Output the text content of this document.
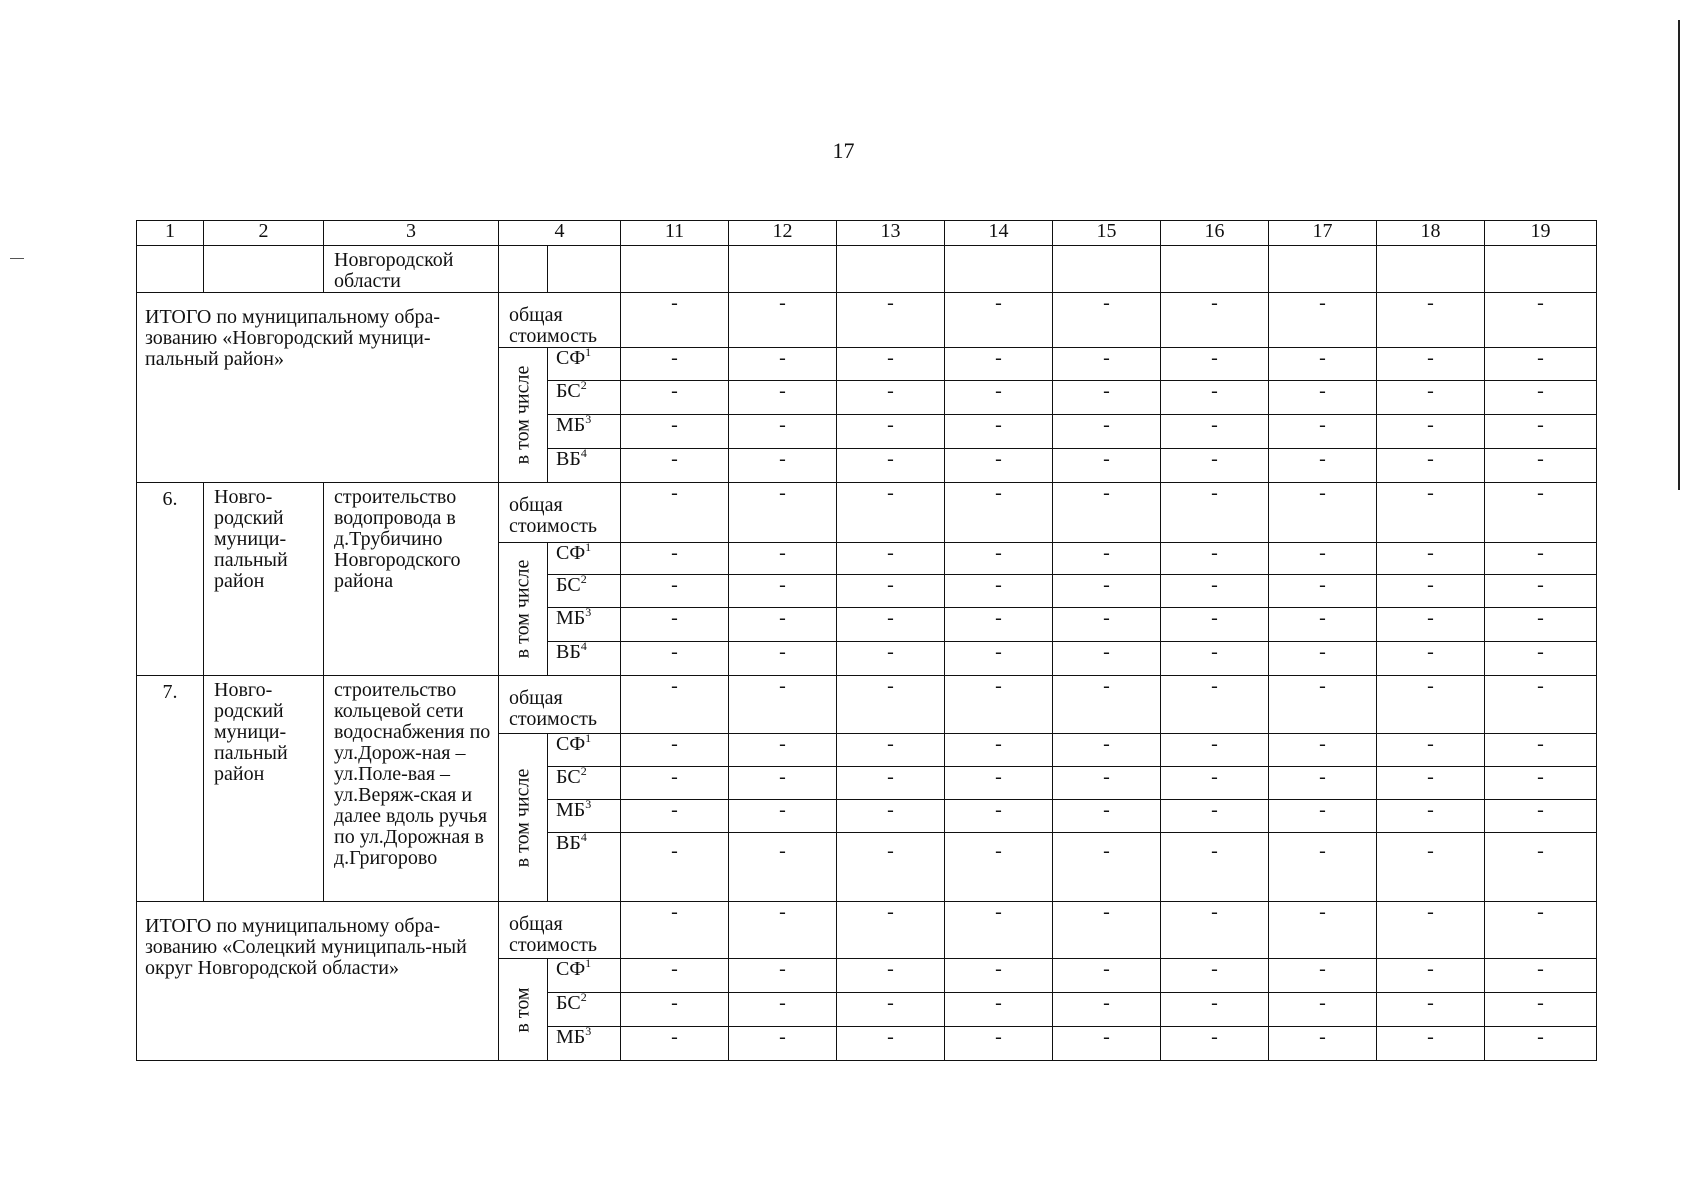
17
1	2	3	4		11	12	13	14	15	16	17	18	19
		Новгородской области											
ИТОГО по муниципальному обра-зованию «Новгородский муници-пальный район»			общая стоимость		-	-	-	-	-	-	-	-	-

			в том числе	$СФ^1$	-	-	-	-	-	-	-	-	-
				$БС^2$	-	-	-	-	-	-	-	-	-
				$МБ^3$	-	-	-	-	-	-	-	-	-
				$ВБ^4$	-	-	-	-	-	-	-	-	-
6.	Новго-родский муници-пальный район	строительство водопровода в д.Трубичино Новгородского района	общая стоимость		-	-	-	-	-	-	-	-	-

			в том числе	$СФ^1$	-	-	-	-	-	-	-	-	-
				$БС^2$	-	-	-	-	-	-	-	-	-
				$МБ^3$	-	-	-	-	-	-	-	-	-
				$ВБ^4$	-	-	-	-	-	-	-	-	-
7.	Новго-родский муници-пальный район	строительство кольцевой сети водоснабжения по ул.Дорож-ная – ул.Поле-вая – ул.Веряж-ская и далее вдоль ручья по ул.Дорожная в д.Григорово	общая стоимость		-	-	-	-	-	-	-	-	-

			в том числе	$СФ^1$	-	-	-	-	-	-	-	-	-
				$БС^2$	-	-	-	-	-	-	-	-	-
				$МБ^3$	-	-	-	-	-	-	-	-	-
				$ВБ^4$	-	-	-	-	-	-	-	-	-
ИТОГО по муниципальному обра-зованию «Солецкий муниципаль-ный округ Новгородской области»			общая стоимость		-	-	-	-	-	-	-	-	-

			в том	$СФ^1$	-	-	-	-	-	-	-	-	-
				$БС^2$	-	-	-	-	-	-	-	-	-
				$МБ^3$	-	-	-	-	-	-	-	-	-
